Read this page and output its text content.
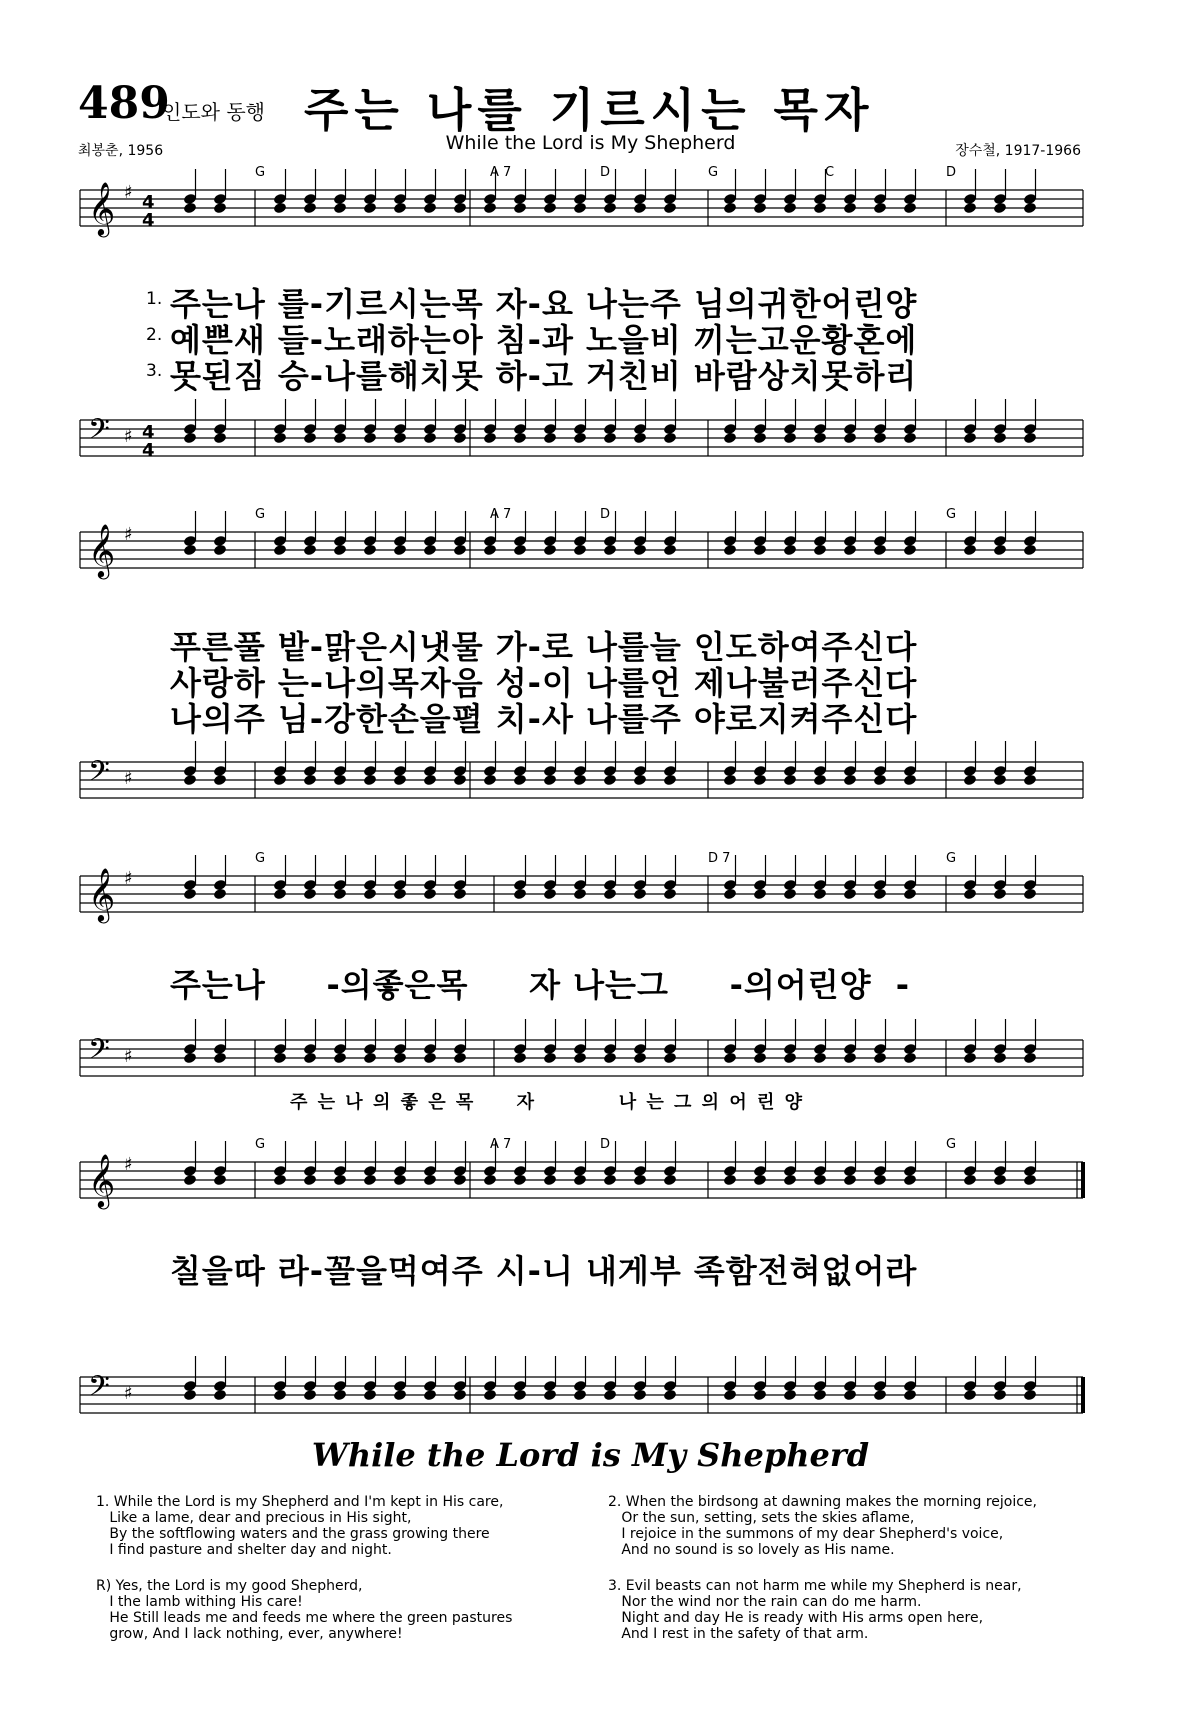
489
인도와 동행 주는 나를 기르시는 목자
While the Lord is My Shepherd
최봉춘, 1956	장수철, 1917-1966
𝄞 ♯ 4
4
𝄢 ♯ 4
4
G	A 7	D	G	C	D
𝄞 ♯
𝄢 ♯
G	A 7	D	G
𝄞 ♯
𝄢 ♯
G	D 7	G
𝄞 ♯
𝄢 ♯
G	A 7	D	G
1. 주는나 를-기르시는목 자-요 나는주 님의귀한어린양
2. 예쁜새 들-노래하는아 침-과 노을비 끼는고운황혼에
3. 못된짐 승-나를해치못 하-고 거친비 바람상치못하리
푸른풀 밭-맑은시냇물 가-로 나를늘 인도하여주신다
사랑하 는-나의목자음 성-이 나를언 제나불러주신다
나의주 님-강한손을펼 치-사 나를주 야로지켜주신다
주는나     -의좋은목     자 나는그     -의어린양  -
주 는 나 의 좋 은 목     자          나 는 그 의 어 린 양
칠을따 라-꼴을먹여주 시-니 내게부 족함전혀없어라
While the Lord is My Shepherd
1. While the Lord is my Shepherd and I'm kept in His care,
Like a lame, dear and precious in His sight,
By the softflowing waters and the grass growing there
I find pasture and shelter day and night.
R) Yes, the Lord is my good Shepherd,
I the lamb withing His care!
He Still leads me and feeds me where the green pastures
grow, And I lack nothing, ever, anywhere!
2. When the birdsong at dawning makes the morning rejoice,
Or the sun, setting, sets the skies aflame,
I rejoice in the summons of my dear Shepherd's voice,
And no sound is so lovely as His name.
3. Evil beasts can not harm me while my Shepherd is near,
Nor the wind nor the rain can do me harm.
Night and day He is ready with His arms open here,
And I rest in the safety of that arm.
